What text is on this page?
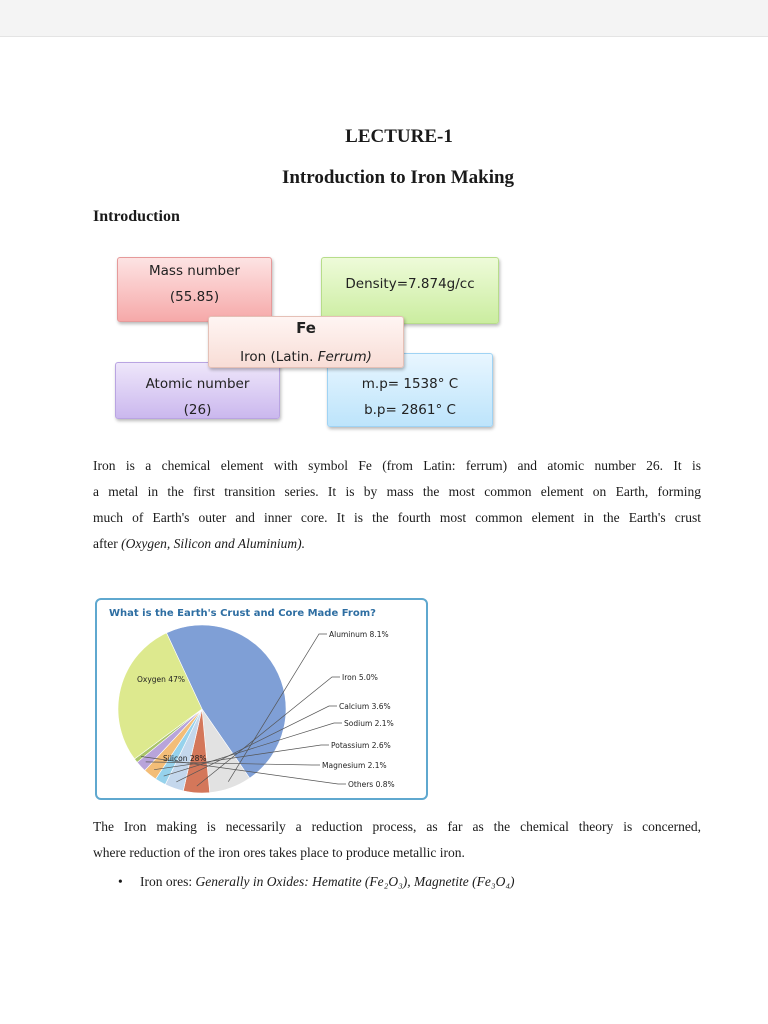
LECTURE-1
Introduction to Iron Making
Introduction
Mass number
(55.85)
Density=7.874g/cc
Atomic number
(26)
m.p= 1538° C
b.p= 2861° C
Fe
Iron (Latin. Ferrum)
Iron is a chemical element with symbol Fe (from Latin: ferrum) and atomic number 26. It is
a metal in the first transition series. It is by mass the most common element on Earth, forming
much of Earth's outer and inner core. It is the fourth most common element in the Earth's crust
after (Oxygen, Silicon and Aluminium).
What is the Earth's Crust and Core Made From?
Oxygen 47%
Aluminum 8.1%
Iron 5.0%
Calcium 3.6%
Sodium 2.1%
Potassium 2.6%
Magnesium 2.1%
Others 0.8%
Silicon 28%
The Iron making is necessarily a reduction process, as far as the chemical theory is concerned,
where reduction of the iron ores takes place to produce metallic iron.
• Iron ores: Generally in Oxides: Hematite (Fe₂O₃), Magnetite (Fe₃O₄)
